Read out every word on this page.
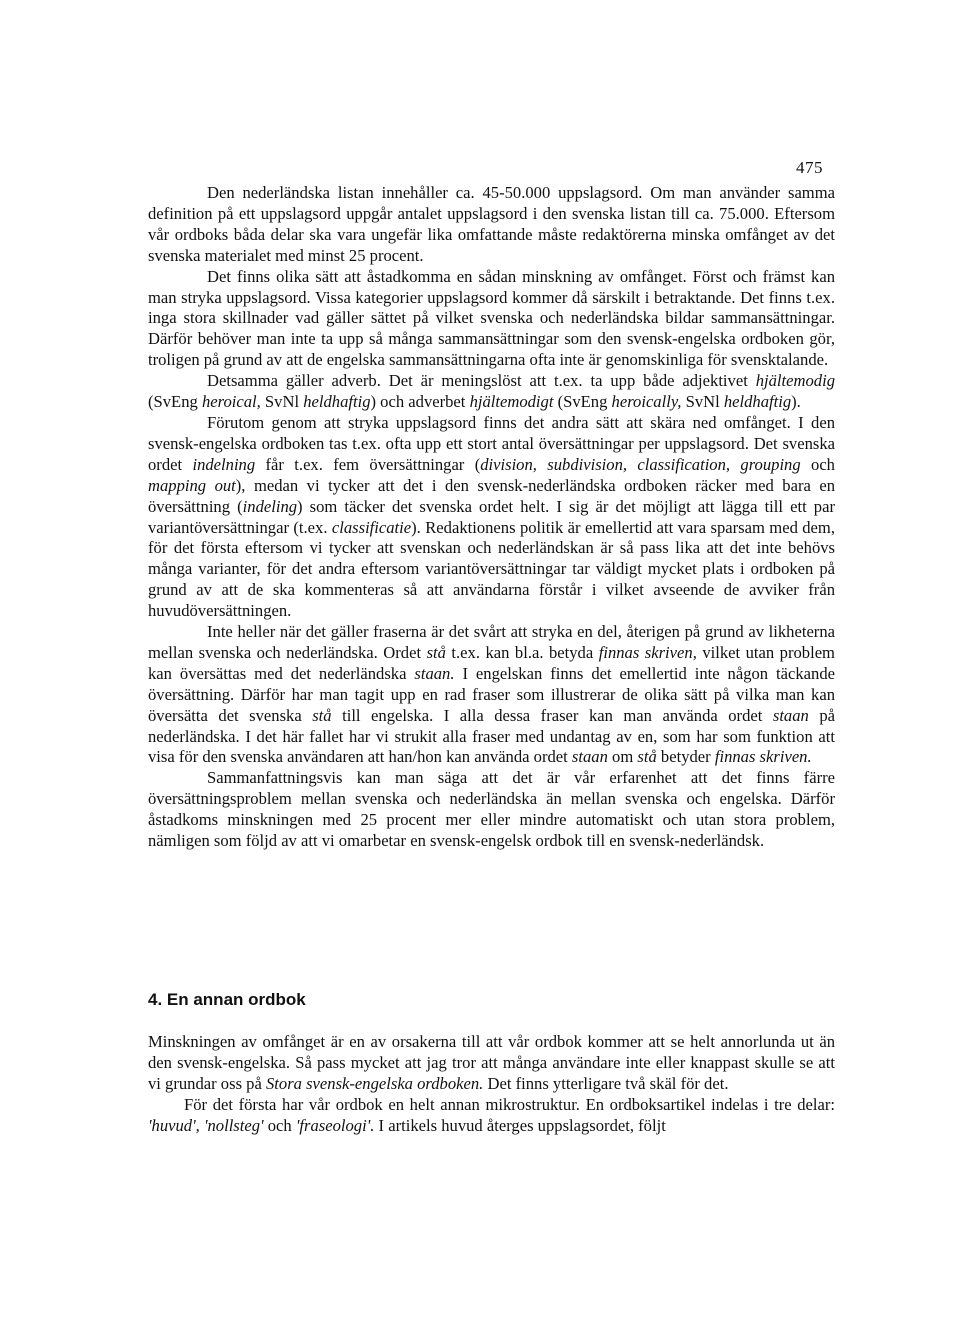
475

Den nederländska listan innehåller ca. 45-50.000 uppslagsord. Om man använder samma definition på ett uppslagsord uppgår antalet uppslagsord i den svenska listan till ca. 75.000. Eftersom vår ordboks båda delar ska vara ungefär lika omfattande måste redaktörerna minska omfånget av det svenska materialet med minst 25 procent.

Det finns olika sätt att åstadkomma en sådan minskning av omfånget. Först och främst kan man stryka uppslagsord. Vissa kategorier uppslagsord kommer då särskilt i betraktande. Det finns t.ex. inga stora skillnader vad gäller sättet på vilket svenska och nederländska bildar sammansättningar. Därför behöver man inte ta upp så många sammansättningar som den svensk-engelska ordboken gör, troligen på grund av att de engelska sammansättningarna ofta inte är genomskinliga för svensktalande.

Detsamma gäller adverb. Det är meningslöst att t.ex. ta upp både adjektivet hjältemodig (SvEng heroical, SvNl heldhaftig) och adverbet hjältemodigt (SvEng heroically, SvNl heldhaftig).

Förutom genom att stryka uppslagsord finns det andra sätt att skära ned omfånget. I den svensk-engelska ordboken tas t.ex. ofta upp ett stort antal översättningar per uppslagsord. Det svenska ordet indelning får t.ex. fem översättningar (division, subdivision, classification, grouping och mapping out), medan vi tycker att det i den svensk-nederländska ordboken räcker med bara en översättning (indeling) som täcker det svenska ordet helt. I sig är det möjligt att lägga till ett par variantöversättningar (t.ex. classificatie). Redaktionens politik är emellertid att vara sparsam med dem, för det första eftersom vi tycker att svenskan och nederländskan är så pass lika att det inte behövs många varianter, för det andra eftersom variantöversättningar tar väldigt mycket plats i ordboken på grund av att de ska kommenteras så att användarna förstår i vilket avseende de avviker från huvudöversättningen.

Inte heller när det gäller fraserna är det svårt att stryka en del, återigen på grund av likheterna mellan svenska och nederländska. Ordet stå t.ex. kan bl.a. betyda finnas skriven, vilket utan problem kan översättas med det nederländska staan. I engelskan finns det emellertid inte någon täckande översättning. Därför har man tagit upp en rad fraser som illustrerar de olika sätt på vilka man kan översätta det svenska stå till engelska. I alla dessa fraser kan man använda ordet staan på nederländska. I det här fallet har vi strukit alla fraser med undantag av en, som har som funktion att visa för den svenska användaren att han/hon kan använda ordet staan om stå betyder finnas skriven.

Sammanfattningsvis kan man säga att det är vår erfarenhet att det finns färre översättningsproblem mellan svenska och nederländska än mellan svenska och engelska. Därför åstadkoms minskningen med 25 procent mer eller mindre automatiskt och utan stora problem, nämligen som följd av att vi omarbetar en svensk-engelsk ordbok till en svensk-nederländsk.

4. En annan ordbok

Minskningen av omfånget är en av orsakerna till att vår ordbok kommer att se helt annorlunda ut än den svensk-engelska. Så pass mycket att jag tror att många användare inte eller knappast skulle se att vi grundar oss på Stora svensk-engelska ordboken. Det finns ytterligare två skäl för det.

För det första har vår ordbok en helt annan mikrostruktur. En ordboksartikel indelas i tre delar: 'huvud', 'nollsteg' och 'fraseologi'. I artikels huvud återges uppslagsordet, följt
